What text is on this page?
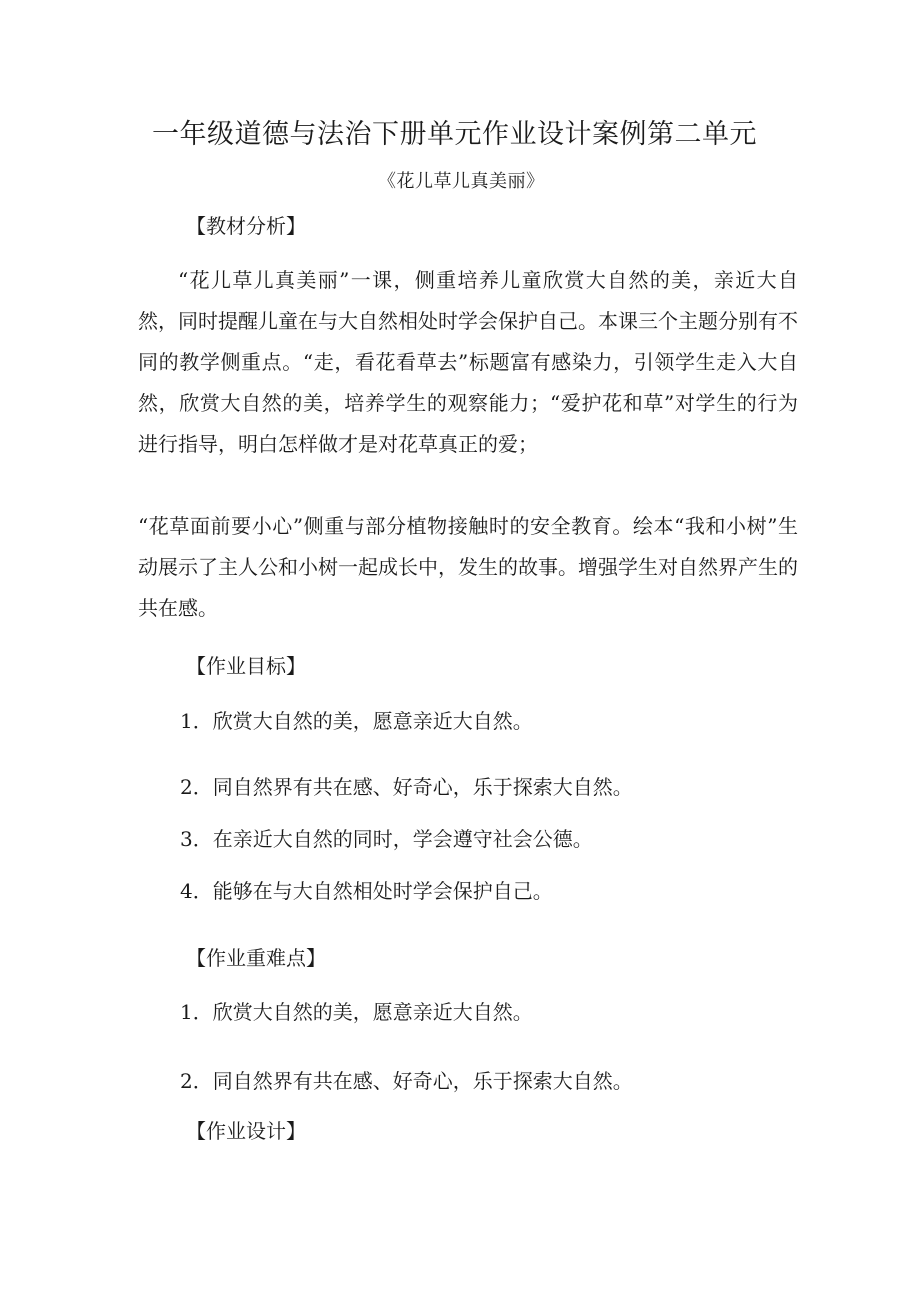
一年级道德与法治下册单元作业设计案例第二单元
《花儿草儿真美丽》
【教材分析】
“花儿草儿真美丽”一课，侧重培养儿童欣赏大自然的美，亲近大自然，同时提醒儿童在与大自然相处时学会保护自己。本课三个主题分别有不同的教学侧重点。“走，看花看草去”标题富有感染力，引领学生走入大自然，欣赏大自然的美，培养学生的观察能力；“爱护花和草”对学生的行为进行指导，明白怎样做才是对花草真正的爱；
“花草面前要小心”侧重与部分植物接触时的安全教育。绘本“我和小树”生动展示了主人公和小树一起成长中，发生的故事。增强学生对自然界产生的共在感。
【作业目标】
1．欣赏大自然的美，愿意亲近大自然。
2．同自然界有共在感、好奇心，乐于探索大自然。
3．在亲近大自然的同时，学会遵守社会公德。
4．能够在与大自然相处时学会保护自己。
【作业重难点】
1．欣赏大自然的美，愿意亲近大自然。
2．同自然界有共在感、好奇心，乐于探索大自然。
【作业设计】
